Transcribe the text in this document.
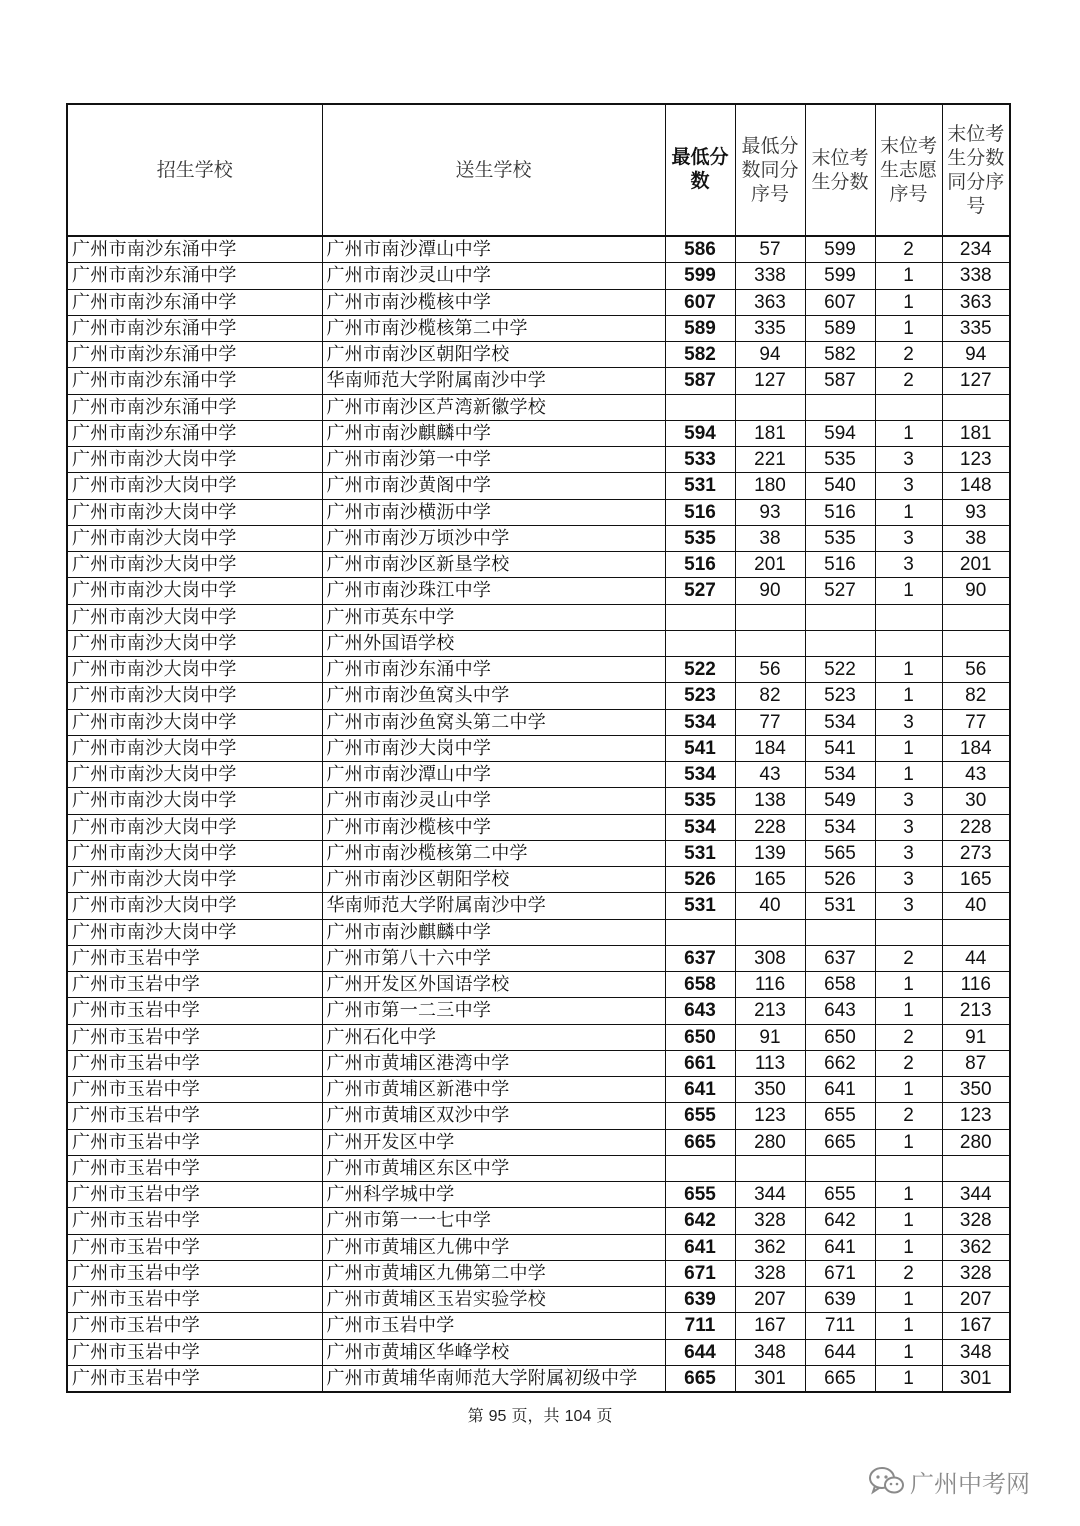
招生学校	送生学校	最低分数	最低分数同分序号	末位考生分数	末位考生志愿序号	末位考生分数同分序号
广州市南沙东涌中学	广州市南沙潭山中学	586	57	599	2	234
广州市南沙东涌中学	广州市南沙灵山中学	599	338	599	1	338
广州市南沙东涌中学	广州市南沙榄核中学	607	363	607	1	363
广州市南沙东涌中学	广州市南沙榄核第二中学	589	335	589	1	335
广州市南沙东涌中学	广州市南沙区朝阳学校	582	94	582	2	94
广州市南沙东涌中学	华南师范大学附属南沙中学	587	127	587	2	127
广州市南沙东涌中学	广州市南沙区芦湾新徽学校					
广州市南沙东涌中学	广州市南沙麒麟中学	594	181	594	1	181
广州市南沙大岗中学	广州市南沙第一中学	533	221	535	3	123
广州市南沙大岗中学	广州市南沙黄阁中学	531	180	540	3	148
广州市南沙大岗中学	广州市南沙横沥中学	516	93	516	1	93
广州市南沙大岗中学	广州市南沙万顷沙中学	535	38	535	3	38
广州市南沙大岗中学	广州市南沙区新垦学校	516	201	516	3	201
广州市南沙大岗中学	广州市南沙珠江中学	527	90	527	1	90
广州市南沙大岗中学	广州市英东中学					
广州市南沙大岗中学	广州外国语学校					
广州市南沙大岗中学	广州市南沙东涌中学	522	56	522	1	56
广州市南沙大岗中学	广州市南沙鱼窝头中学	523	82	523	1	82
广州市南沙大岗中学	广州市南沙鱼窝头第二中学	534	77	534	3	77
广州市南沙大岗中学	广州市南沙大岗中学	541	184	541	1	184
广州市南沙大岗中学	广州市南沙潭山中学	534	43	534	1	43
广州市南沙大岗中学	广州市南沙灵山中学	535	138	549	3	30
广州市南沙大岗中学	广州市南沙榄核中学	534	228	534	3	228
广州市南沙大岗中学	广州市南沙榄核第二中学	531	139	565	3	273
广州市南沙大岗中学	广州市南沙区朝阳学校	526	165	526	3	165
广州市南沙大岗中学	华南师范大学附属南沙中学	531	40	531	3	40
广州市南沙大岗中学	广州市南沙麒麟中学					
广州市玉岩中学	广州市第八十六中学	637	308	637	2	44
广州市玉岩中学	广州开发区外国语学校	658	116	658	1	116
广州市玉岩中学	广州市第一二三中学	643	213	643	1	213
广州市玉岩中学	广州石化中学	650	91	650	2	91
广州市玉岩中学	广州市黄埔区港湾中学	661	113	662	2	87
广州市玉岩中学	广州市黄埔区新港中学	641	350	641	1	350
广州市玉岩中学	广州市黄埔区双沙中学	655	123	655	2	123
广州市玉岩中学	广州开发区中学	665	280	665	1	280
广州市玉岩中学	广州市黄埔区东区中学					
广州市玉岩中学	广州科学城中学	655	344	655	1	344
广州市玉岩中学	广州市第一一七中学	642	328	642	1	328
广州市玉岩中学	广州市黄埔区九佛中学	641	362	641	1	362
广州市玉岩中学	广州市黄埔区九佛第二中学	671	328	671	2	328
广州市玉岩中学	广州市黄埔区玉岩实验学校	639	207	639	1	207
广州市玉岩中学	广州市玉岩中学	711	167	711	1	167
广州市玉岩中学	广州市黄埔区华峰学校	644	348	644	1	348
广州市玉岩中学	广州市黄埔华南师范大学附属初级中学	665	301	665	1	301
第 95 页，共 104 页
广州中考网
